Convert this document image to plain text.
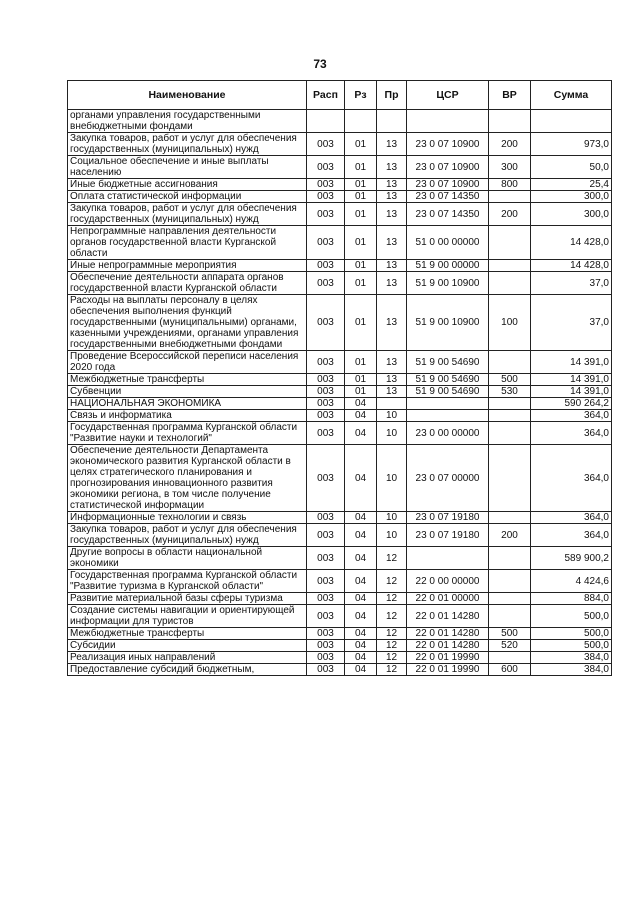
73
Наименование	Расп	Рз	Пр	ЦСР	ВР	Сумма
органами управления государственными внебюджетными фондами						
Закупка товаров, работ и услуг для обеспечения государственных (муниципальных) нужд	003	01	13	23 0 07 10900	200	973,0
Социальное обеспечение и иные выплаты населению	003	01	13	23 0 07 10900	300	50,0
Иные бюджетные ассигнования	003	01	13	23 0 07 10900	800	25,4
Оплата статистической информации	003	01	13	23 0 07 14350		300,0
Закупка товаров, работ и услуг для обеспечения государственных (муниципальных) нужд	003	01	13	23 0 07 14350	200	300,0
Непрограммные направления деятельности органов государственной власти Курганской области	003	01	13	51 0 00 00000		14 428,0
Иные непрограммные мероприятия	003	01	13	51 9 00 00000		14 428,0
Обеспечение деятельности аппарата органов государственной власти Курганской области	003	01	13	51 9 00 10900		37,0
Расходы на выплаты персоналу в целях обеспечения выполнения функций государственными (муниципальными) органами, казенными учреждениями, органами управления государственными внебюджетными фондами	003	01	13	51 9 00 10900	100	37,0
Проведение Всероссийской переписи населения 2020 года	003	01	13	51 9 00 54690		14 391,0
Межбюджетные трансферты	003	01	13	51 9 00 54690	500	14 391,0
Субвенции	003	01	13	51 9 00 54690	530	14 391,0
НАЦИОНАЛЬНАЯ ЭКОНОМИКА	003	04				590 264,2
Связь и информатика	003	04	10			364,0
Государственная программа Курганской области "Развитие науки и технологий"	003	04	10	23 0 00 00000		364,0
Обеспечение деятельности Департамента экономического развития Курганской области в целях стратегического планирования и прогнозирования инновационного развития экономики региона, в том числе получение статистической информации	003	04	10	23 0 07 00000		364,0
Информационные технологии и связь	003	04	10	23 0 07 19180		364,0
Закупка товаров, работ и услуг для обеспечения государственных (муниципальных) нужд	003	04	10	23 0 07 19180	200	364,0
Другие вопросы в области национальной экономики	003	04	12			589 900,2
Государственная программа Курганской области "Развитие туризма в Курганской области"	003	04	12	22 0 00 00000		4 424,6
Развитие материальной базы сферы туризма	003	04	12	22 0 01 00000		884,0
Создание системы навигации и ориентирующей информации для туристов	003	04	12	22 0 01 14280		500,0
Межбюджетные трансферты	003	04	12	22 0 01 14280	500	500,0
Субсидии	003	04	12	22 0 01 14280	520	500,0
Реализация иных направлений	003	04	12	22 0 01 19990		384,0
Предоставление субсидий бюджетным,	003	04	12	22 0 01 19990	600	384,0
